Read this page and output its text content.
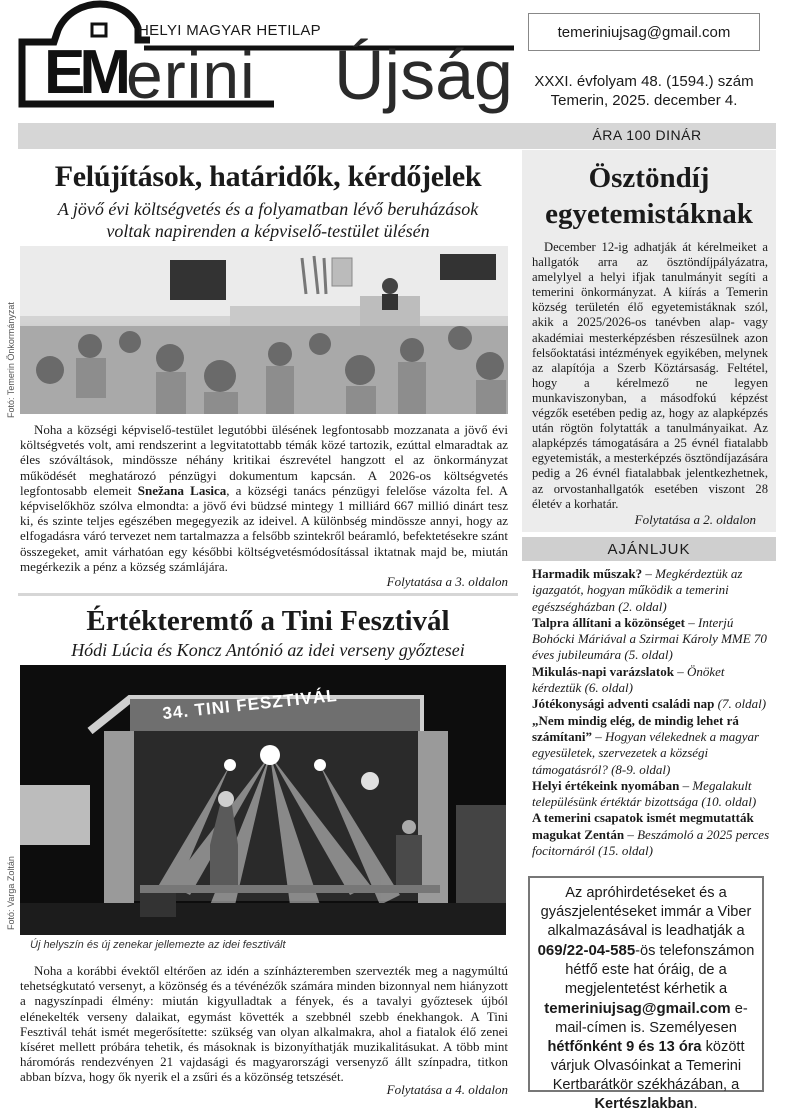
HELYI MAGYAR HETILAP
EM erini Újság
temeriniujsag@gmail.com
XXXI. évfolyam 48. (1594.) szám
Temerin, 2025. december 4.
ÁRA 100 DINÁR
Felújítások, határidők, kérdőjelek
A jövő évi költségvetés és a folyamatban lévő beruházások
voltak napirenden a képviselő-testület ülésén
Fotó: Temerin Önkormányzat
Noha a községi képviselő-testület legutóbbi ülésének legfontosabb mozzanata a jövő évi költségvetés volt, ami rendszerint a legvitatottabb témák közé tartozik, ezúttal elmaradtak az éles szóváltások, mindössze néhány kritikai észrevétel hangzott el az önkormányzat működését meghatározó pénzügyi dokumentum kapcsán. A 2026-os költségvetés legfontosabb elemeit Snežana Lasica, a községi tanács pénzügyi felelőse vázolta fel. A képviselőkhöz szólva elmondta: a jövő évi büdzsé mintegy 1 milliárd 667 millió dinárt tesz ki, és szinte teljes egészében megegyezik az ideivel. A különbség mindössze annyi, hogy az elfogadásra váró tervezet nem tartalmazza a felsőbb szintekről beáramló, befektetésekre szánt összegeket, amit várhatóan egy későbbi költségvetésmódosítással iktatnak majd be, miután megérkezik a pénz a község számlájára.
Folytatása a 3. oldalon
Értékteremtő a Tini Fesztivál
Hódi Lúcia és Koncz Antónió az idei verseny győztesei
Fotó: Varga Zoltán
34. TINI FESZTIVÁL
Új helyszín és új zenekar jellemezte az idei fesztivált
Noha a korábbi évektől eltérően az idén a színházteremben szervezték meg a nagymúltú tehetségkutató versenyt, a közönség és a tévénézők számára minden bizonnyal nem hiányzott a nagyszínpadi élmény: miután kigyulladtak a fények, és a tavalyi győztesek újból elénekelték verseny dalaikat, egymást követték a szebbnél szebb énekhangok. A Tini Fesztivál tehát ismét megerősítette: szükség van olyan alkalmakra, ahol a fiatalok élő zenei kíséret mellett próbára tehetik, és másoknak is bizonyíthatják muzikalitásukat. A több mint háromórás rendezvényen 21 vajdasági és magyarországi versenyző állt színpadra, titkon abban bízva, hogy ők nyerik el a zsűri és a közönség tetszését.
Folytatása a 4. oldalon
Ösztöndíj
egyetemistáknak
December 12-ig adhatják át kérelmeiket a hallgatók arra az ösztöndíjpályázatra, amelylyel a helyi ifjak tanulmányit segíti a temerini önkormányzat. A kiírás a Temerin község területén élő egyetemistáknak szól, akik a 2025/2026-os tanévben alap- vagy akadémiai mesterképzésben részesülnek azon felsőoktatási intézmények egyikében, melynek az alapítója a Szerb Köztársaság. Feltétel, hogy a kérelmező ne legyen munkaviszonyban, a másodfokú képzést végzők esetében pedig az, hogy az alapképzés után rögtön folytatták a tanulmányaikat. Az alapképzés támogatására a 25 évnél fiatalabb egyetemisták, a mesterképzés ösztöndíjazására pedig a 26 évnél fiatalabbak jelentkezhetnek, az orvostanhallgatók esetében viszont 28 életév a korhatár.
Folytatása a 2. oldalon
AJÁNLJUK
Harmadik műszak? – Megkérdeztük az igazgatót, hogyan működik a temerini egészségházban (2. oldal)
Talpra állítani a közönséget – Interjú Bohócki Máriával a Szirmai Károly MME 70 éves jubileumára (5. oldal)
Mikulás-napi varázslatok – Önöket kérdeztük (6. oldal)
Jótékonysági adventi családi nap (7. oldal)
„Nem mindig elég, de mindig lehet rá számítani” – Hogyan vélekednek a magyar egyesületek, szervezetek a községi támogatásról? (8-9. oldal)
Helyi értékeink nyomában – Megalakult településünk értéktár bizottsága (10. oldal)
A temerini csapatok ismét megmutatták magukat Zentán – Beszámoló a 2025 perces focitornáról (15. oldal)
Az apróhirdetéseket és a gyászjelentéseket immár a Viber alkalmazásával is leadhatják a 069/22-04-585-ös telefonszámon hétfő este hat óráig, de a megjelentetést kérhetik a temeriniujsag@gmail.com e-mail-címen is. Személyesen hétfőnként 9 és 13 óra között várjuk Olvasóinkat a Temerini Kertbarátkör székházában, a Kertészlakban.
